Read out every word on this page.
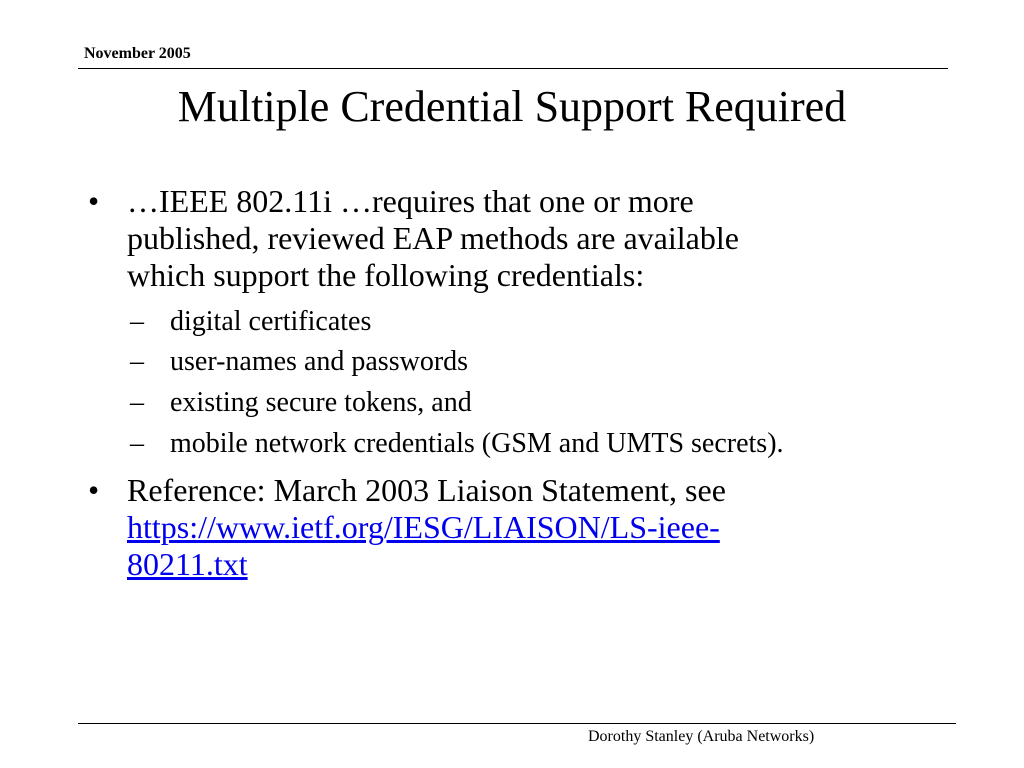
November 2005
Multiple Credential Support Required
• …IEEE 802.11i …requires that one or more
published, reviewed EAP methods are available
which support the following credentials:
– digital certificates
– user-names and passwords
– existing secure tokens, and
– mobile network credentials (GSM and UMTS secrets).
• Reference: March 2003 Liaison Statement, see
https://www.ietf.org/IESG/LIAISON/LS-ieee-
80211.txt
Dorothy Stanley (Aruba Networks)
